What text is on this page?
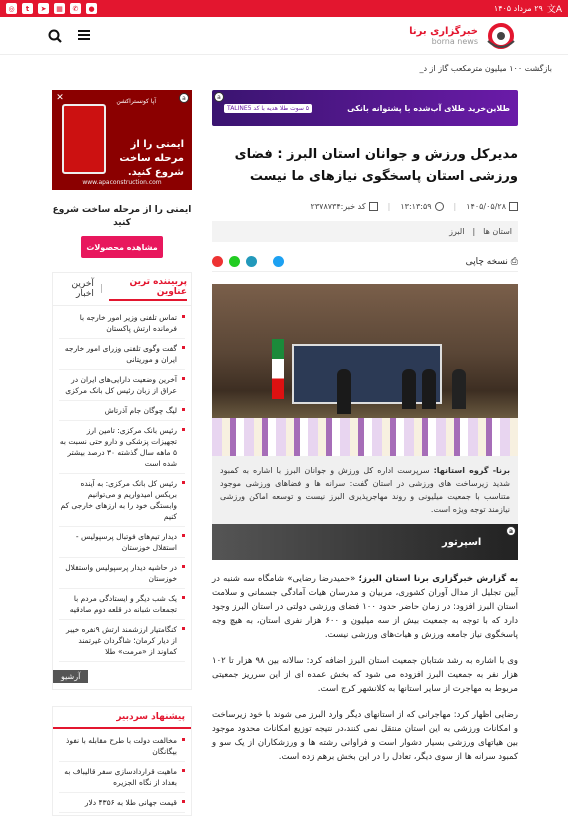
文A
۲۹ مرداد ۱۴۰۵
◎	t	➤	▦	✆	●
خبرگزاری برنا
borna news
بازگشت ۱۰۰ میلیون مترمکعب گاز از د_
a
۵ سوت طلا هدیه با کد TALINE5	خرید طلای آب‌شده با پشتوانه بانکی طلاین
مدیرکل ورزش و جوانان استان البرز : فضای ورزشی استان پاسخگوی نیازهای ما نیست
۱۴۰۵/۰۵/۲۸
|
۱۳:۱۳:۵۹
|
کد خبر:۲۳۷۸۷۳۴
استان ها
|
البرز
⎙ نسخه چاپی
برنا- گروه استانها: سرپرست اداره کل ورزش و جوانان البرز با اشاره به کمبود شدید زیرساخت های ورزشی در استان گفت: سرانه ها و فضاهای ورزشی موجود متناسب با جمعیت میلیونی و روند مهاجرپذیری البرز نیست و توسعه اماکن ورزشی نیازمند توجه ویژه است.
a
اسپرتور

به گزارش خبرگزاری برنا استان البرز؛ «حمیدرضا رضایی» شامگاه سه شنبه در آیین تجلیل از مدال آوران کشوری، مربیان و مدرسان هیات آمادگی جسمانی و سلامت استان البرز افزود: در زمان حاضر حدود ۱۰۰ فضای ورزشی دولتی در استان البرز وجود دارد که با توجه به جمعیت بیش از سه میلیون و ۶۰۰ هزار نفری استان، به هیچ وجه پاسخگوی نیاز جامعه ورزش و هیات‌های ورزشی نیست.

وی با اشاره به رشد شتابان جمعیت استان البرز اضافه کرد: سالانه بین ۹۸ هزار تا ۱۰۲ هزار نفر به جمعیت البرز افزوده می شود که بخش عمده ای از این سرریز جمعیتی مربوط به مهاجرت از سایر استانها به کلانشهر کرج است.

رضایی اظهار کرد: مهاجرانی که از استانهای دیگر وارد البرز می شوند با خود زیرساخت و امکانات ورزشی به این استان منتقل نمی کنند،در نتیجه توزیع امکانات محدود موجود بین هیاتهای ورزشی بسیار دشوار است و فراوانی رشته ها و ورزشکاران از یک سو و کمبود سرانه ها از سوی دیگر، تعادل را در این بخش برهم زده است.

a
✕	آپا کونستراکشن
ایمنی را از مرحله ساخت شروع کنید.
www.apaconstruction.com
ایمنی را از مرحله ساخت شروع کنید
مشاهده محصولات
پربیننده ترین عناوین
|
آخرین اخبار
تماس تلفنی وزیر امور خارجه با فرمانده ارتش پاکستان
گفت وگوی تلفنی وزرای امور خارجه ایران و موریتانی
آخرین وضعیت دارایی‌های ایران در عراق از زبان رئیس کل بانک مرکزی
لیگ چوگان جام آذرتاش
رئیس بانک مرکزی: تامین ارز تجهیزات پزشکی و دارو حتی نسبت به ۵ ماهه سال گذشته ۳۰ درصد بیشتر شده است
رئیس کل بانک مرکزی: به آینده بریکس امیدواریم و می‌توانیم وابستگی خود را به ارزهای خارجی کم کنیم
دیدار تیم‌های فوتبال پرسپولیس - استقلال خوزستان
در حاشیه دیدار پرسپولیس واستقلال خوزستان
یک شب دیگر و ایستادگی مردم با تجمعات شبانه در قلعه دوم صادقیه
کنگامتیار ارزشمند ارتش ۹نفره خیبر از دیار کرمان؛ شاگردان غیرتمند کماوند از «مرمت» طلا
آرشیو
پیشنهاد سردبیر
مخالفت دولت با طرح مقابله با نفوذ بیگانگان
ماهیت قراردادسازی سفر قالیباف به بغداد از نگاه الجزیره
قیمت جهانی طلا به ۴۳۵۶ دلار
